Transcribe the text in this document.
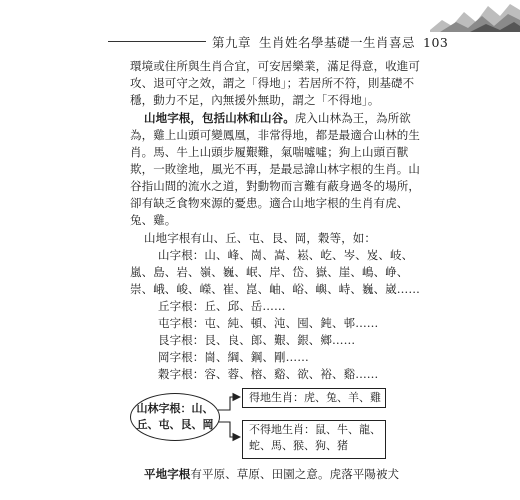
第九章 生肖姓名學基礎一生肖喜忌 103
環境或住所與生肖合宜，可安居樂業，滿足得意，收進可
攻、退可守之效，謂之「得地」；若居所不符，則基礎不
穩，動力不足，內無援外無助，謂之「不得地」。
山地字根，包括山林和山谷。虎入山林為王，為所欲
為，雞上山頭可變鳳凰，非常得地，都是最適合山林的生
肖。馬、牛上山頭步履艱難，氣喘噓噓；狗上山頭百獸
欺，一敗塗地，風光不再，是最忌諱山林字根的生肖。山
谷指山間的流水之道，對動物而言難有蔽身過冬的場所，
卻有缺乏食物來源的憂患。適合山地字根的生肖有虎、
兔、雞。
山地字根有山、丘、屯、艮、岡，穀等，如：
山字根：山、峰、崗、嵩、崧、屹、岑、岌、岐、
嵐、島、岩、嶺、巍、岷、岸、岱、嶽、崖、嶋、峥、
崇、峨、峻、嶸、崔、崑、岫、峪、嶼、峙、巍、崴……
丘字根：丘、邱、岳……
屯字根：屯、純、頓、沌、囤、鈍、邨……
艮字根：艮、良、郎、艱、銀、鄉……
岡字根：崗、綱、鋼、剛……
穀字根：容、蓉、榕、谿、欲、裕、谿……
山林字根：山、
丘、屯、艮、岡
得地生肖：虎、兔、羊、雞
不得地生肖：鼠、牛、龍、
蛇、馬、猴、狗、猪
平地字根有平原、草原、田園之意。虎落平陽被犬
